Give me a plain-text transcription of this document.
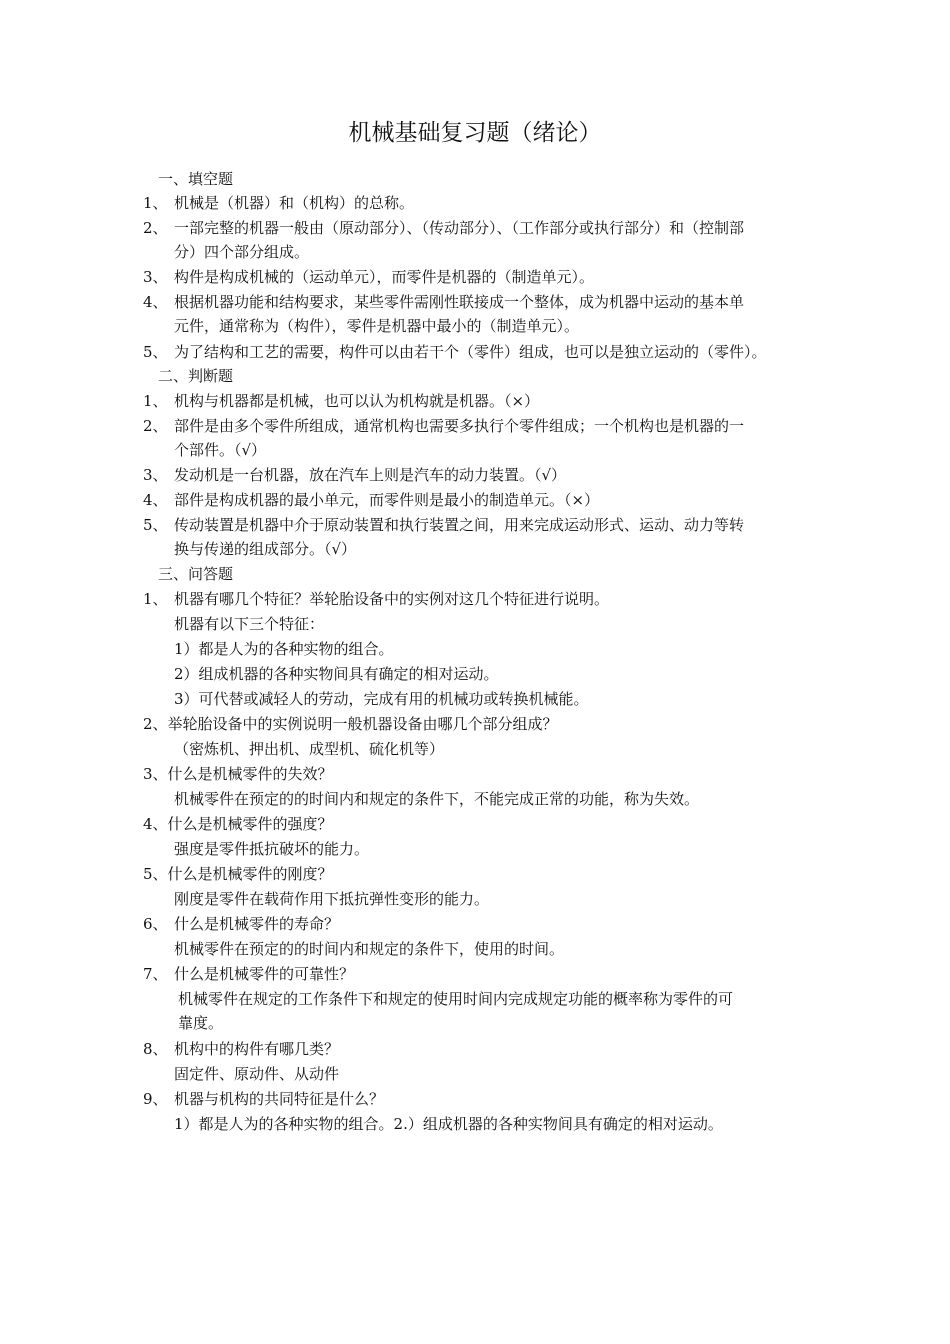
机械基础复习题（绪论）
一、填空题
1、 机械是（机器）和（机构）的总称。
2、 一部完整的机器一般由（原动部分）、（传动部分）、（工作部分或执行部分）和（控制部
分）四个部分组成。
3、 构件是构成机械的（运动单元），而零件是机器的（制造单元）。
4、 根据机器功能和结构要求，某些零件需刚性联接成一个整体，成为机器中运动的基本单
元件，通常称为（构件），零件是机器中最小的（制造单元）。
5、 为了结构和工艺的需要，构件可以由若干个（零件）组成，也可以是独立运动的（零件）。
二、判断题
1、 机构与机器都是机械，也可以认为机构就是机器。（×）
2、 部件是由多个零件所组成，通常机构也需要多执行个零件组成；一个机构也是机器的一
个部件。（√）
3、 发动机是一台机器，放在汽车上则是汽车的动力装置。（√）
4、 部件是构成机器的最小单元，而零件则是最小的制造单元。（×）
5、 传动装置是机器中介于原动装置和执行装置之间，用来完成运动形式、运动、动力等转
换与传递的组成部分。（√）
三、问答题
1、 机器有哪几个特征？举轮胎设备中的实例对这几个特征进行说明。
机器有以下三个特征：
1）都是人为的各种实物的组合。
2）组成机器的各种实物间具有确定的相对运动。
3）可代替或减轻人的劳动，完成有用的机械功或转换机械能。
2、举轮胎设备中的实例说明一般机器设备由哪几个部分组成？
（密炼机、押出机、成型机、硫化机等）
3、什么是机械零件的失效？
机械零件在预定的的时间内和规定的条件下，不能完成正常的功能，称为失效。
4、什么是机械零件的强度？
强度是零件抵抗破坏的能力。
5、什么是机械零件的刚度？
刚度是零件在载荷作用下抵抗弹性变形的能力。
6、 什么是机械零件的寿命？
机械零件在预定的的时间内和规定的条件下，使用的时间。
7、 什么是机械零件的可靠性？
机械零件在规定的工作条件下和规定的使用时间内完成规定功能的概率称为零件的可
靠度。
8、 机构中的构件有哪几类？
固定件、原动件、从动件
9、 机器与机构的共同特征是什么？
1）都是人为的各种实物的组合。2.）组成机器的各种实物间具有确定的相对运动。
